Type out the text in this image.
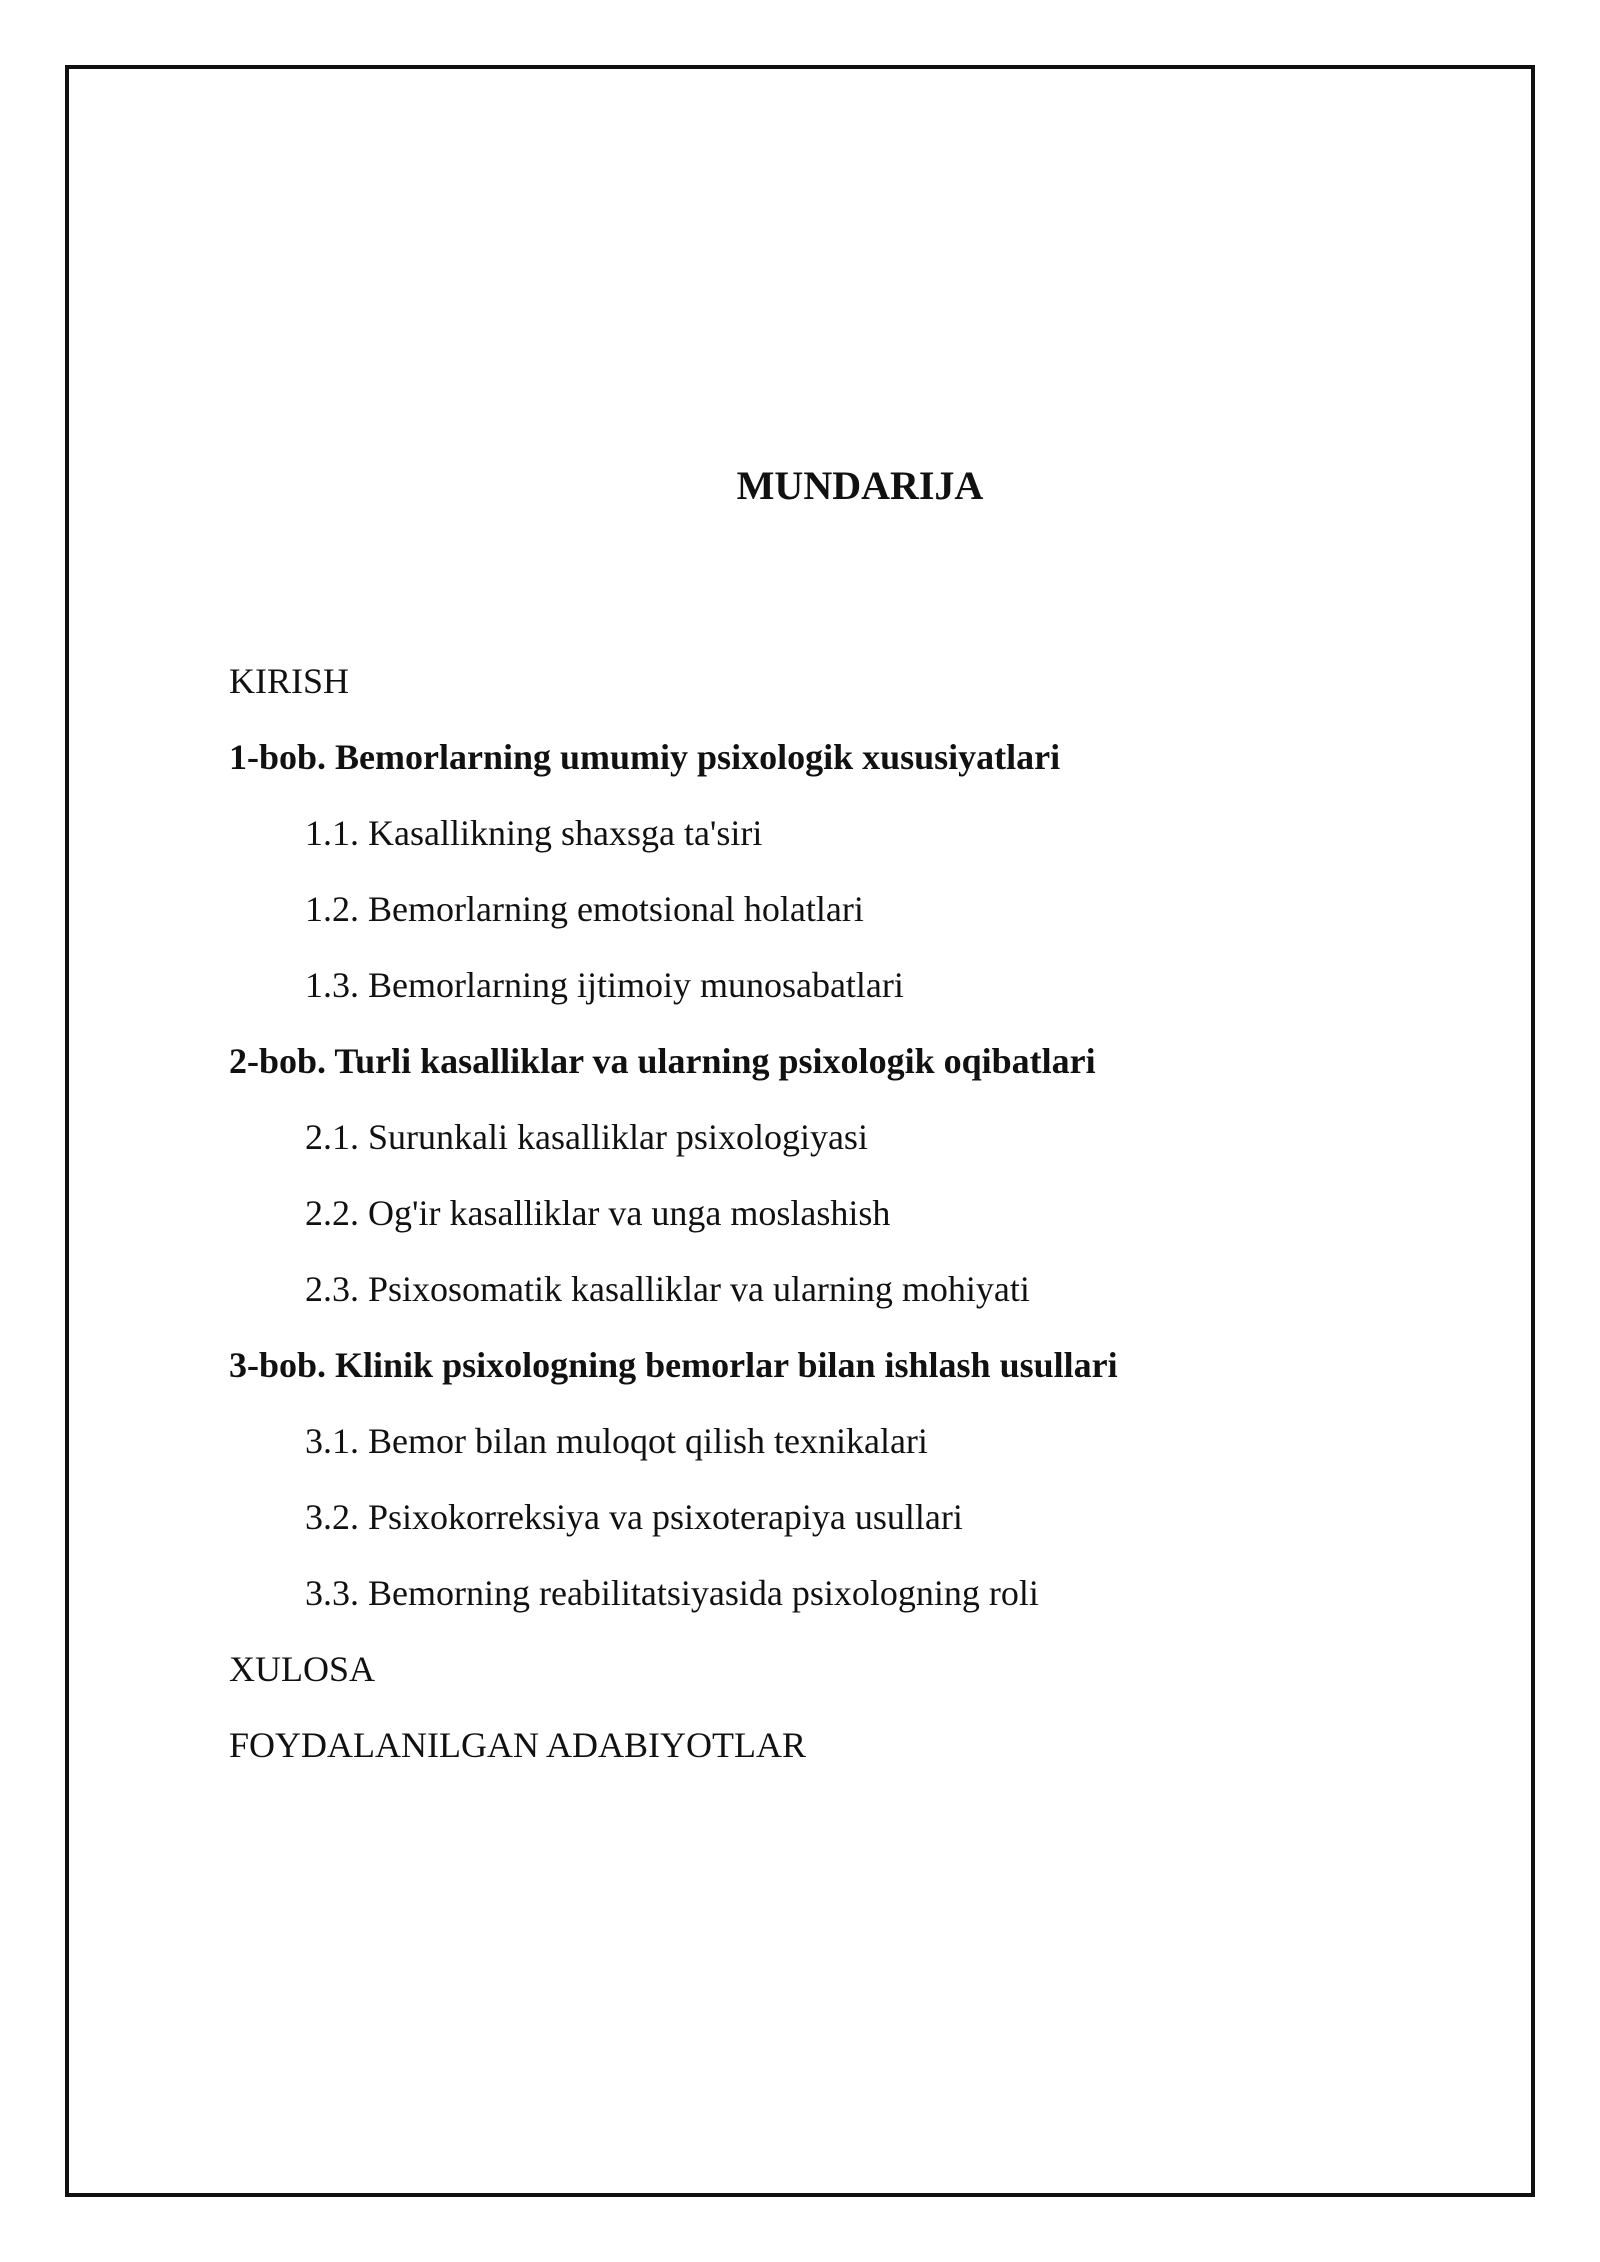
MUNDARIJA
KIRISH
1-bob. Bemorlarning umumiy psixologik xususiyatlari
1.1. Kasallikning shaxsga ta'siri
1.2. Bemorlarning emotsional holatlari
1.3. Bemorlarning ijtimoiy munosabatlari
2-bob. Turli kasalliklar va ularning psixologik oqibatlari
2.1. Surunkali kasalliklar psixologiyasi
2.2. Og'ir kasalliklar va unga moslashish
2.3. Psixosomatik kasalliklar va ularning mohiyati
3-bob. Klinik psixologning bemorlar bilan ishlash usullari
3.1. Bemor bilan muloqot qilish texnikalari
3.2. Psixokorreksiya va psixoterapiya usullari
3.3. Bemorning reabilitatsiyasida psixologning roli
XULOSA
FOYDALANILGAN ADABIYOTLAR
